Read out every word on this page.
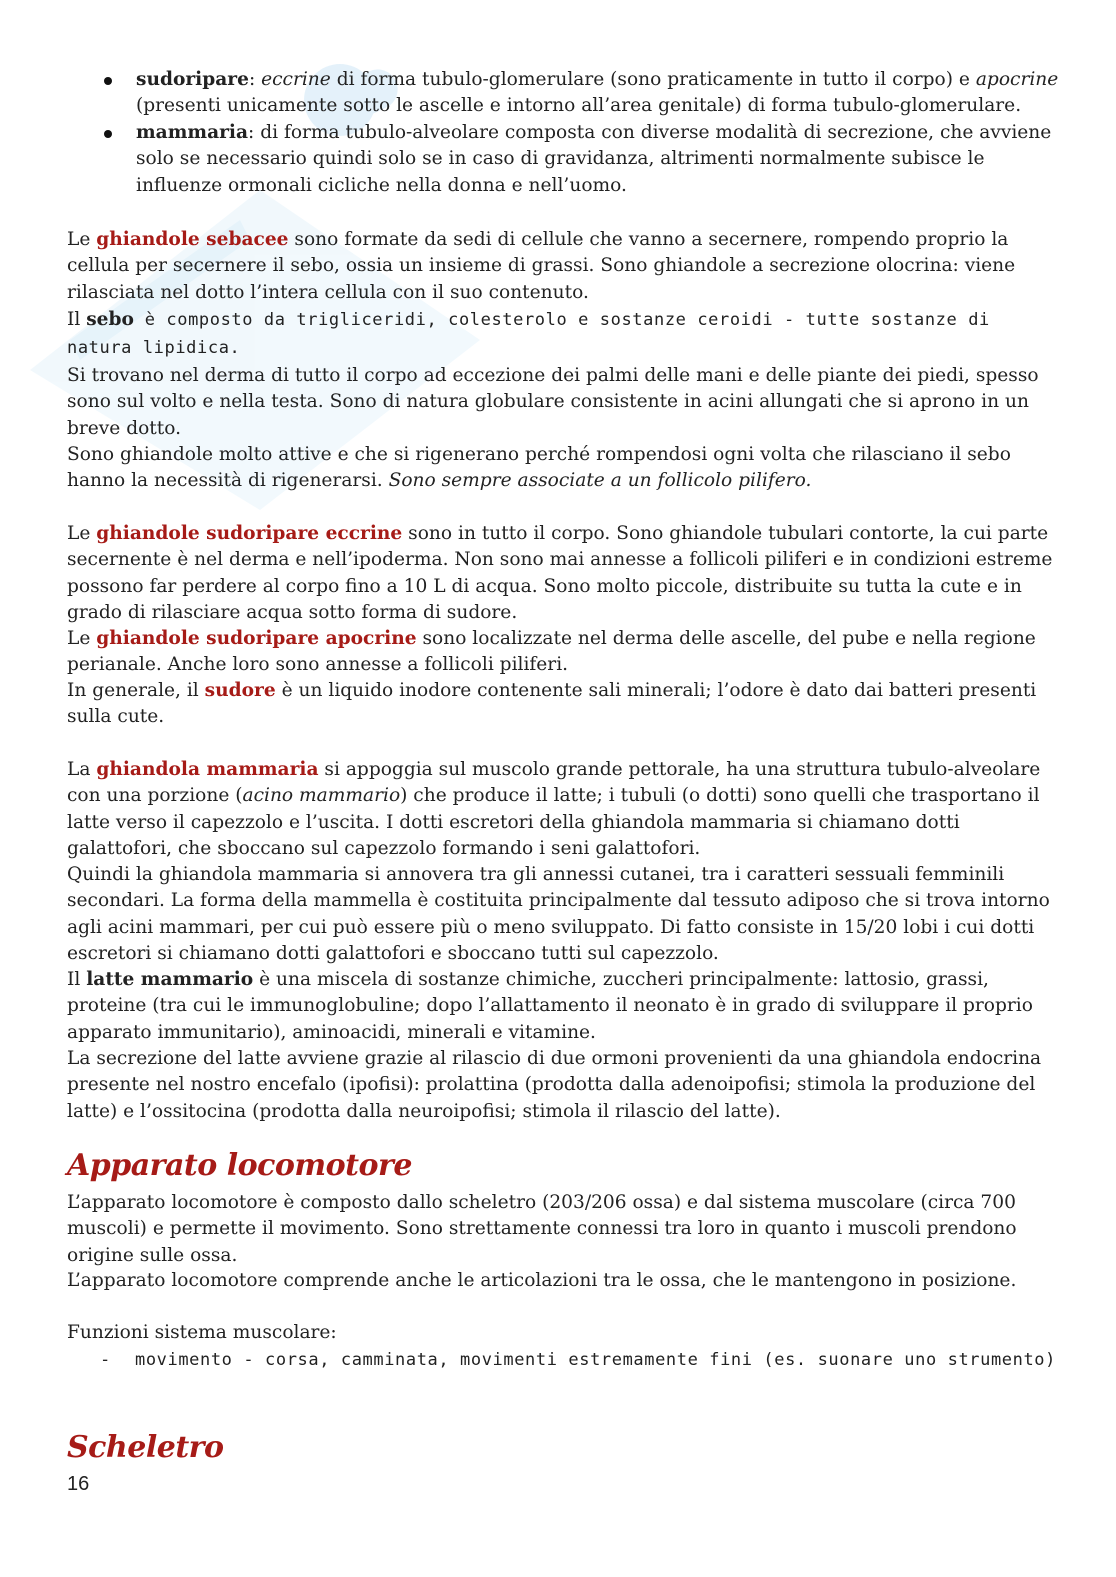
sudoripare: eccrine di forma tubulo-glomerulare (sono praticamente in tutto il corpo) e apocrine (presenti unicamente sotto le ascelle e intorno all’area genitale) di forma tubulo-glomerulare.
mammaria: di forma tubulo-alveolare composta con diverse modalità di secrezione, che avviene solo se necessario quindi solo se in caso di gravidanza, altrimenti normalmente subisce le influenze ormonali cicliche nella donna e nell’uomo.

Le ghiandole sebacee sono formate da sedi di cellule che vanno a secernere, rompendo proprio la cellula per secernere il sebo, ossia un insieme di grassi. Sono ghiandole a secrezione olocrina: viene rilasciata nel dotto l’intera cellula con il suo contenuto.

Il sebo è composto da trigliceridi, colesterolo e sostanze ceroidi - tutte sostanze di natura lipidica.

Si trovano nel derma di tutto il corpo ad eccezione dei palmi delle mani e delle piante dei piedi, spesso sono sul volto e nella testa. Sono di natura globulare consistente in acini allungati che si aprono in un breve dotto.

Sono ghiandole molto attive e che si rigenerano perché rompendosi ogni volta che rilasciano il sebo hanno la necessità di rigenerarsi. Sono sempre associate a un follicolo pilifero.

Le ghiandole sudoripare eccrine sono in tutto il corpo. Sono ghiandole tubulari contorte, la cui parte secernente è nel derma e nell’ipoderma. Non sono mai annesse a follicoli piliferi e in condizioni estreme possono far perdere al corpo fino a 10 L di acqua. Sono molto piccole, distribuite su tutta la cute e in grado di rilasciare acqua sotto forma di sudore.

Le ghiandole sudoripare apocrine sono localizzate nel derma delle ascelle, del pube e nella regione perianale. Anche loro sono annesse a follicoli piliferi.

In generale, il sudore è un liquido inodore contenente sali minerali; l’odore è dato dai batteri presenti sulla cute.

La ghiandola mammaria si appoggia sul muscolo grande pettorale, ha una struttura tubulo-alveolare con una porzione (acino mammario) che produce il latte; i tubuli (o dotti) sono quelli che trasportano il latte verso il capezzolo e l’uscita. I dotti escretori della ghiandola mammaria si chiamano dotti galattofori, che sboccano sul capezzolo formando i seni galattofori.

Quindi la ghiandola mammaria si annovera tra gli annessi cutanei, tra i caratteri sessuali femminili secondari. La forma della mammella è costituita principalmente dal tessuto adiposo che si trova intorno agli acini mammari, per cui può essere più o meno sviluppato. Di fatto consiste in 15/20 lobi i cui dotti escretori si chiamano dotti galattofori e sboccano tutti sul capezzolo.

Il latte mammario è una miscela di sostanze chimiche, zuccheri principalmente: lattosio, grassi, proteine (tra cui le immunoglobuline; dopo l’allattamento il neonato è in grado di sviluppare il proprio apparato immunitario), aminoacidi, minerali e vitamine.

La secrezione del latte avviene grazie al rilascio di due ormoni provenienti da una ghiandola endocrina presente nel nostro encefalo (ipofisi): prolattina (prodotta dalla adenoipofisi; stimola la produzione del latte) e l’ossitocina (prodotta dalla neuroipofisi; stimola il rilascio del latte).

Apparato locomotore

L’apparato locomotore è composto dallo scheletro (203/206 ossa) e dal sistema muscolare (circa 700 muscoli) e permette il movimento. Sono strettamente connessi tra loro in quanto i muscoli prendono origine sulle ossa.

L’apparato locomotore comprende anche le articolazioni tra le ossa, che le mantengono in posizione.

Funzioni sistema muscolare:

- movimento - corsa, camminata, movimenti estremamente fini (es. suonare uno strumento)
Scheletro
16
